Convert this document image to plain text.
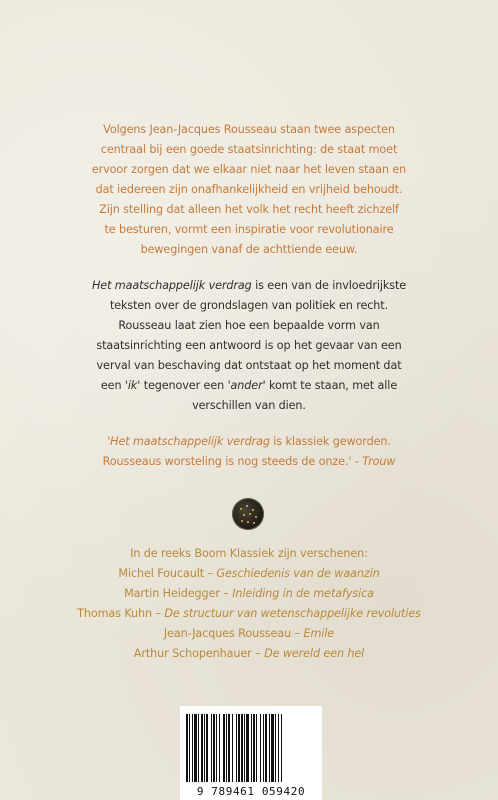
Volgens Jean-Jacques Rousseau staan twee aspecten
centraal bij een goede staatsinrichting: de staat moet
ervoor zorgen dat we elkaar niet naar het leven staan en
dat iedereen zijn onafhankelijkheid en vrijheid behoudt.
Zijn stelling dat alleen het volk het recht heeft zichzelf
te besturen, vormt een inspiratie voor revolutionaire
bewegingen vanaf de achttiende eeuw.
Het maatschappelijk verdrag is een van de invloedrijkste
teksten over de grondslagen van politiek en recht.
Rousseau laat zien hoe een bepaalde vorm van
staatsinrichting een antwoord is op het gevaar van een
verval van beschaving dat ontstaat op het moment dat
een 'ik' tegenover een 'ander' komt te staan, met alle
verschillen van dien.
'Het maatschappelijk verdrag is klassiek geworden.
Rousseaus worsteling is nog steeds de onze.' - Trouw
In de reeks Boom Klassiek zijn verschenen:
Michel Foucault – Geschiedenis van de waanzin
Martin Heidegger – Inleiding in de metafysica
Thomas Kuhn – De structuur van wetenschappelijke revoluties
Jean-Jacques Rousseau – Emile
Arthur Schopenhauer – De wereld een hel
9 789461 059420
